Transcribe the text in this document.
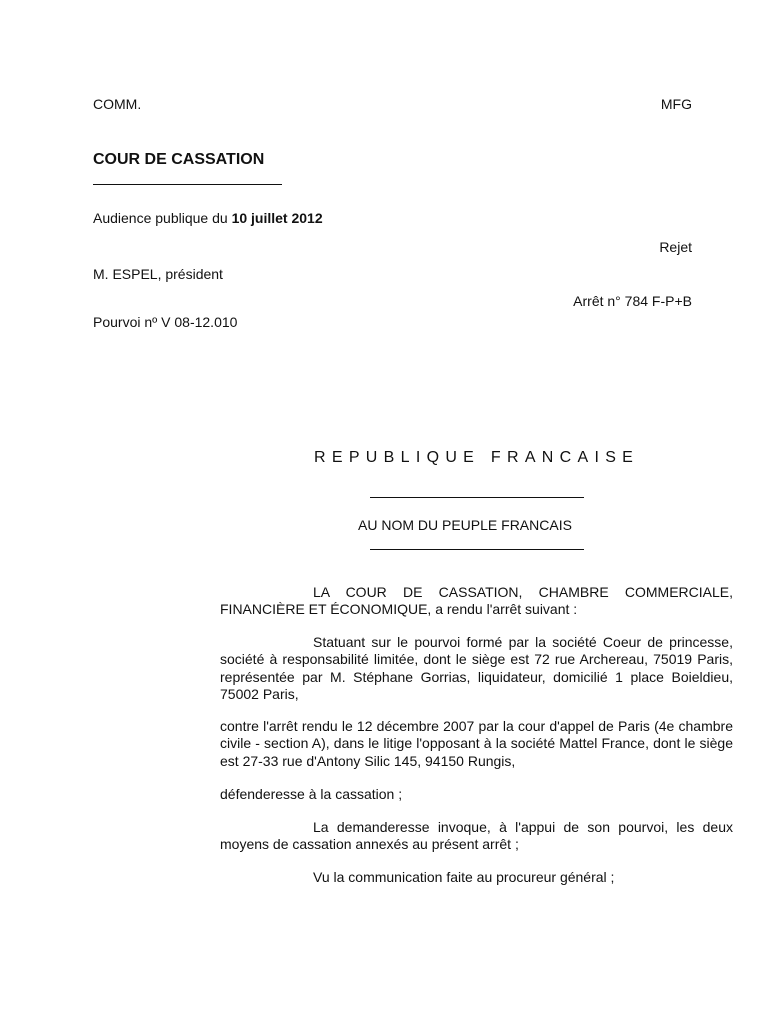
COMM.	MFG
COUR DE CASSATION
Audience publique du 10 juillet 2012
Rejet
M. ESPEL, président
Arrêt n° 784 F-P+B
Pourvoi nº V 08-12.010
REPUBLIQUE FRANCAISE
AU NOM DU PEUPLE FRANCAIS
LA COUR DE CASSATION, CHAMBRE COMMERCIALE, FINANCIÈRE ET ÉCONOMIQUE, a rendu l'arrêt suivant :
Statuant sur le pourvoi formé par la société Coeur de princesse, société à responsabilité limitée, dont le siège est 72 rue Archereau, 75019 Paris, représentée par M. Stéphane Gorrias, liquidateur, domicilié 1 place Boieldieu, 75002 Paris,
contre l'arrêt rendu le 12 décembre 2007 par la cour d'appel de Paris (4e chambre civile - section A), dans le litige l'opposant à la société Mattel France, dont le siège est 27-33 rue d'Antony Silic 145, 94150 Rungis,
défenderesse à la cassation ;
La demanderesse invoque, à l'appui de son pourvoi, les deux moyens de cassation annexés au présent arrêt ;
Vu la communication faite au procureur général ;
